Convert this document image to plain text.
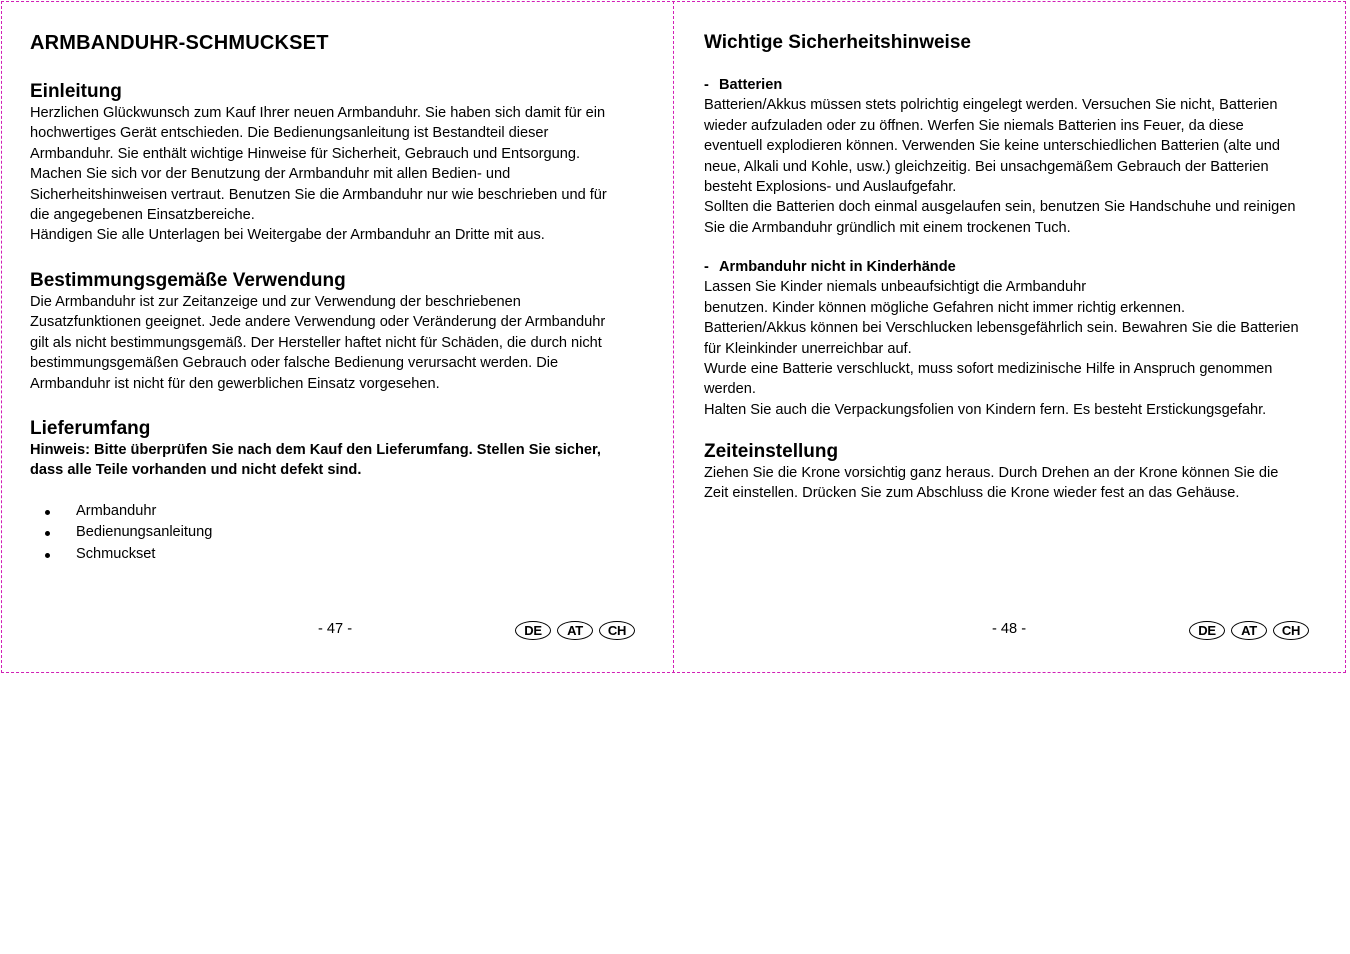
ARMBANDUHR-SCHMUCKSET
Einleitung

Herzlichen Glückwunsch zum Kauf Ihrer neuen Armbanduhr. Sie haben sich damit für ein

hochwertiges Gerät entschieden. Die Bedienungsanleitung ist Bestandteil dieser

Armbanduhr. Sie enthält wichtige Hinweise für Sicherheit, Gebrauch und Entsorgung.

Machen Sie sich vor der Benutzung der Armbanduhr mit allen Bedien- und

Sicherheitshinweisen vertraut. Benutzen Sie die Armbanduhr nur wie beschrieben und für

die angegebenen Einsatzbereiche.

Händigen Sie alle Unterlagen bei Weitergabe der Armbanduhr an Dritte mit aus.

Bestimmungsgemäße Verwendung

Die Armbanduhr ist zur Zeitanzeige und zur Verwendung der beschriebenen

Zusatzfunktionen geeignet. Jede andere Verwendung oder Veränderung der Armbanduhr

gilt als nicht bestimmungsgemäß. Der Hersteller haftet nicht für Schäden, die durch nicht

bestimmungsgemäßen Gebrauch oder falsche Bedienung verursacht werden. Die

Armbanduhr ist nicht für den gewerblichen Einsatz vorgesehen.

Lieferumfang

Hinweis: Bitte überprüfen Sie nach dem Kauf den Lieferumfang. Stellen Sie sicher,

dass alle Teile vorhanden und nicht defekt sind.

Armbanduhr
Bedienungsanleitung
Schmuckset
- 47 -	DE	AT	CH
Wichtige Sicherheitshinweise
- Batterien

Batterien/Akkus müssen stets polrichtig eingelegt werden. Versuchen Sie nicht, Batterien

wieder aufzuladen oder zu öffnen. Werfen Sie niemals Batterien ins Feuer, da diese

eventuell explodieren können. Verwenden Sie keine unterschiedlichen Batterien (alte und

neue, Alkali und Kohle, usw.) gleichzeitig. Bei unsachgemäßem Gebrauch der Batterien

besteht Explosions- und Auslaufgefahr.

Sollten die Batterien doch einmal ausgelaufen sein, benutzen Sie Handschuhe und reinigen

Sie die Armbanduhr gründlich mit einem trockenen Tuch.

- Armbanduhr nicht in Kinderhände

Lassen Sie Kinder niemals unbeaufsichtigt die Armbanduhr

benutzen. Kinder können mögliche Gefahren nicht immer richtig erkennen.

Batterien/Akkus können bei Verschlucken lebensgefährlich sein. Bewahren Sie die Batterien

für Kleinkinder unerreichbar auf.

Wurde eine Batterie verschluckt, muss sofort medizinische Hilfe in Anspruch genommen

werden.

Halten Sie auch die Verpackungsfolien von Kindern fern. Es besteht Erstickungsgefahr.

Zeiteinstellung

Ziehen Sie die Krone vorsichtig ganz heraus. Durch Drehen an der Krone können Sie die

Zeit einstellen. Drücken Sie zum Abschluss die Krone wieder fest an das Gehäuse.

- 48 -	DE	AT	CH
